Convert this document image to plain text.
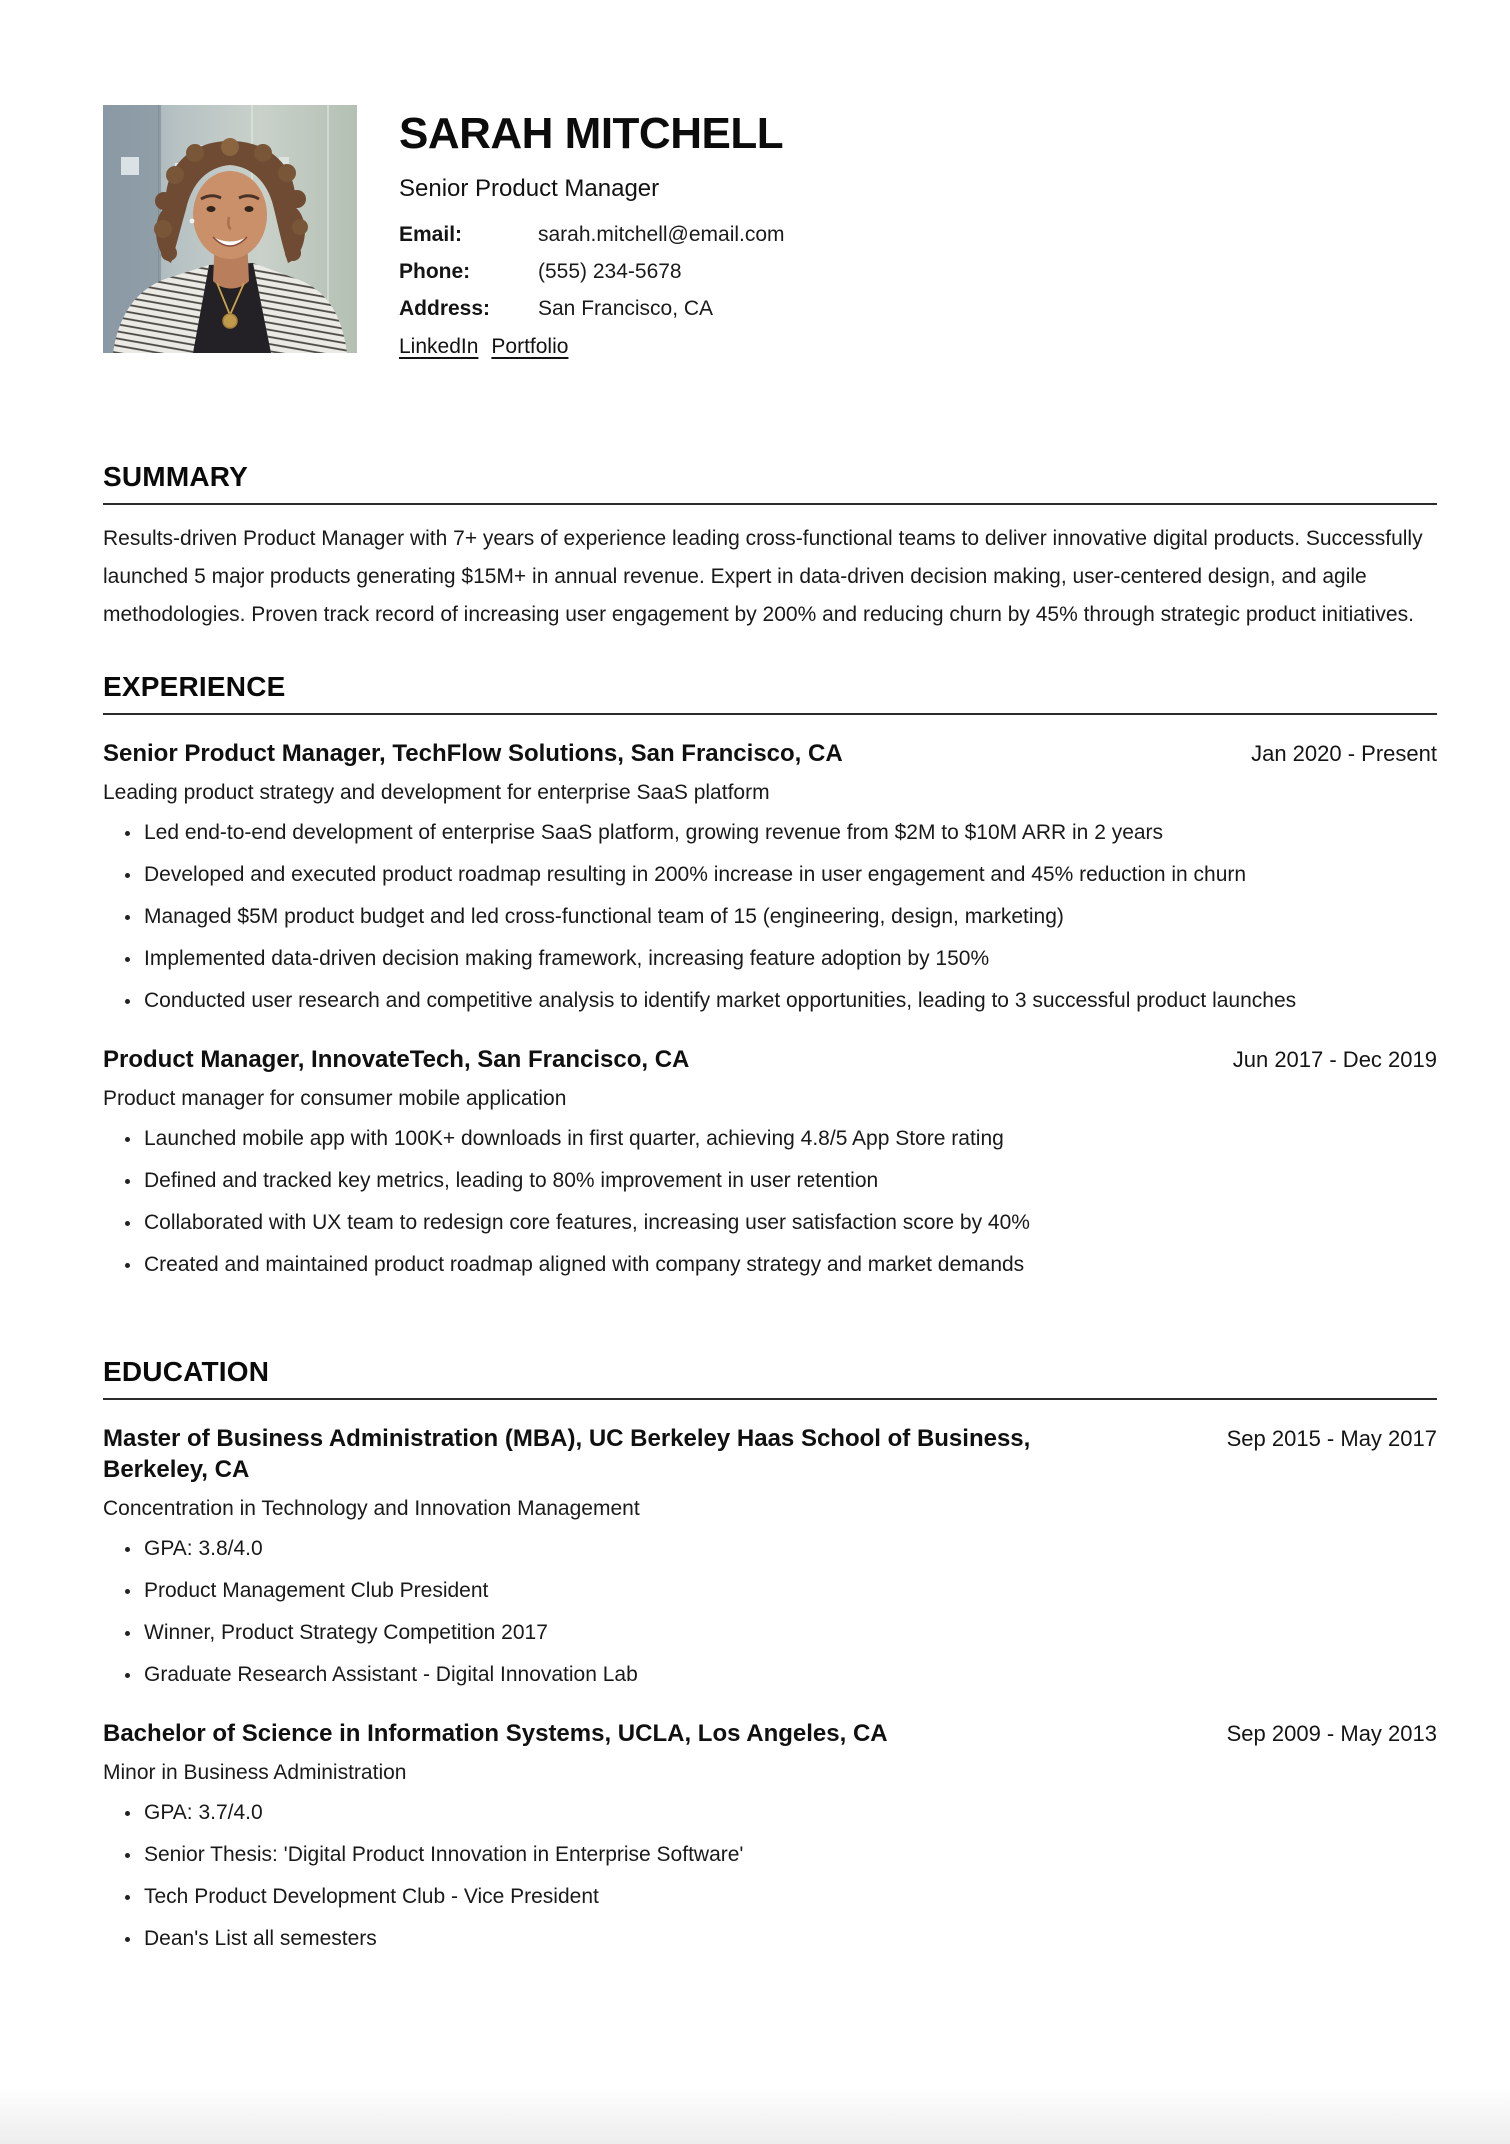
SARAH MITCHELL
Senior Product Manager
Email:	sarah.mitchell@email.com
Phone:	(555) 234-5678
Address:	San Francisco, CA
LinkedIn Portfolio
SUMMARY

Results-driven Product Manager with 7+ years of experience leading cross-functional teams to deliver innovative digital products. Successfully launched 5 major products generating $15M+ in annual revenue. Expert in data-driven decision making, user-centered design, and agile methodologies. Proven track record of increasing user engagement by 200% and reducing churn by 45% through strategic product initiatives.

EXPERIENCE
Senior Product Manager, TechFlow Solutions, San Francisco, CA	Jan 2020 - Present
Leading product strategy and development for enterprise SaaS platform
Led end-to-end development of enterprise SaaS platform, growing revenue from $2M to $10M ARR in 2 years
Developed and executed product roadmap resulting in 200% increase in user engagement and 45% reduction in churn
Managed $5M product budget and led cross-functional team of 15 (engineering, design, marketing)
Implemented data-driven decision making framework, increasing feature adoption by 150%
Conducted user research and competitive analysis to identify market opportunities, leading to 3 successful product launches
Product Manager, InnovateTech, San Francisco, CA	Jun 2017 - Dec 2019
Product manager for consumer mobile application
Launched mobile app with 100K+ downloads in first quarter, achieving 4.8/5 App Store rating
Defined and tracked key metrics, leading to 80% improvement in user retention
Collaborated with UX team to redesign core features, increasing user satisfaction score by 40%
Created and maintained product roadmap aligned with company strategy and market demands
EDUCATION
Master of Business Administration (MBA), UC Berkeley Haas School of Business, Berkeley, CA
Sep 2015 - May 2017
Concentration in Technology and Innovation Management
GPA: 3.8/4.0
Product Management Club President
Winner, Product Strategy Competition 2017
Graduate Research Assistant - Digital Innovation Lab
Bachelor of Science in Information Systems, UCLA, Los Angeles, CA	Sep 2009 - May 2013
Minor in Business Administration
GPA: 3.7/4.0
Senior Thesis: 'Digital Product Innovation in Enterprise Software'
Tech Product Development Club - Vice President
Dean's List all semesters
